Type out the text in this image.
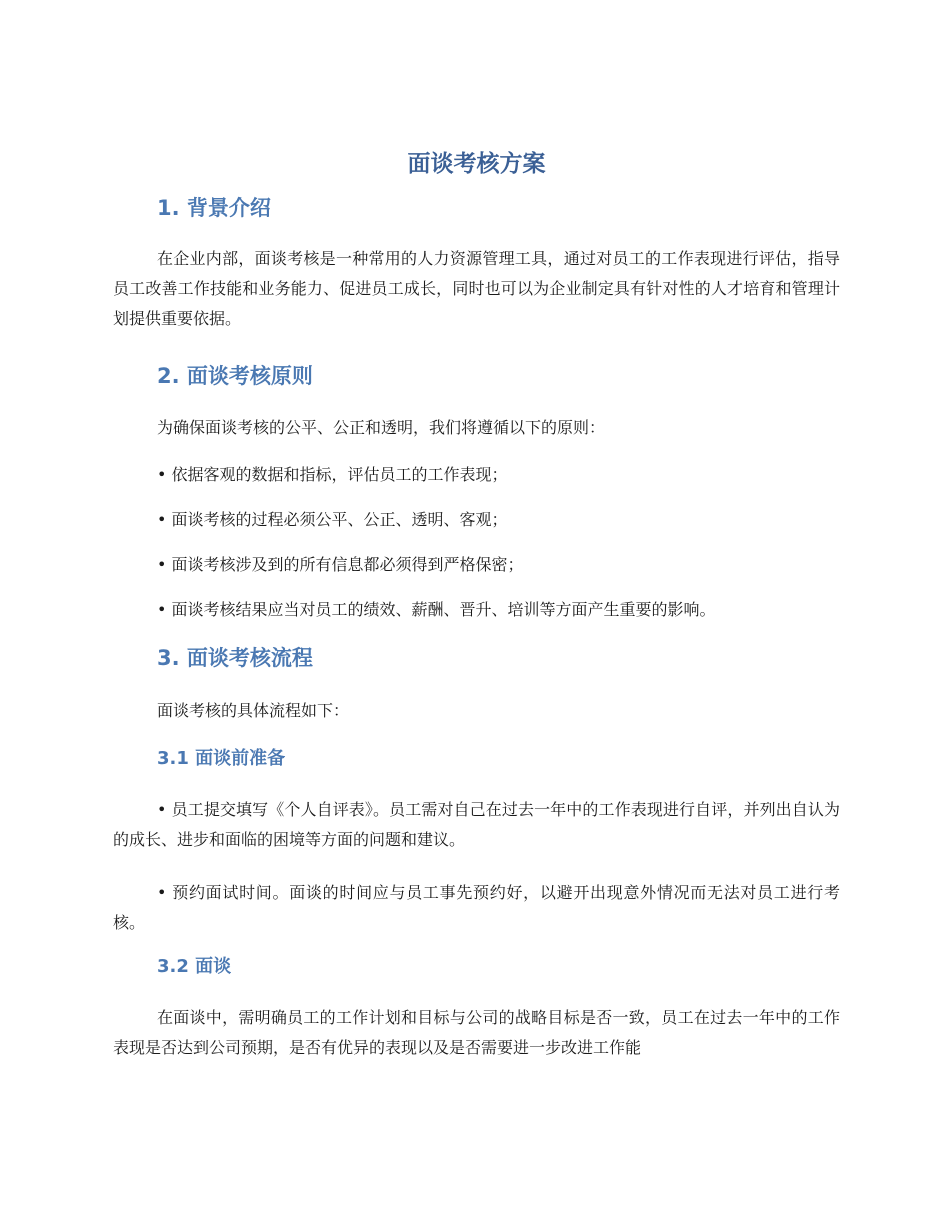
面谈考核方案
1. 背景介绍

在企业内部，面谈考核是一种常用的人力资源管理工具，通过对员工的工作表现进行评估，指导员工改善工作技能和业务能力、促进员工成长，同时也可以为企业制定具有针对性的人才培育和管理计划提供重要依据。

2. 面谈考核原则

为确保面谈考核的公平、公正和透明，我们将遵循以下的原则：

• 依据客观的数据和指标，评估员工的工作表现；

• 面谈考核的过程必须公平、公正、透明、客观；

• 面谈考核涉及到的所有信息都必须得到严格保密；

• 面谈考核结果应当对员工的绩效、薪酬、晋升、培训等方面产生重要的影响。

3. 面谈考核流程

面谈考核的具体流程如下：

3.1 面谈前准备

• 员工提交填写《个人自评表》。员工需对自己在过去一年中的工作表现进行自评，并列出自认为的成长、进步和面临的困境等方面的问题和建议。

• 预约面试时间。面谈的时间应与员工事先预约好，以避开出现意外情况而无法对员工进行考核。

3.2 面谈

在面谈中，需明确员工的工作计划和目标与公司的战略目标是否一致，员工在过去一年中的工作表现是否达到公司预期，是否有优异的表现以及是否需要进一步改进工作能
